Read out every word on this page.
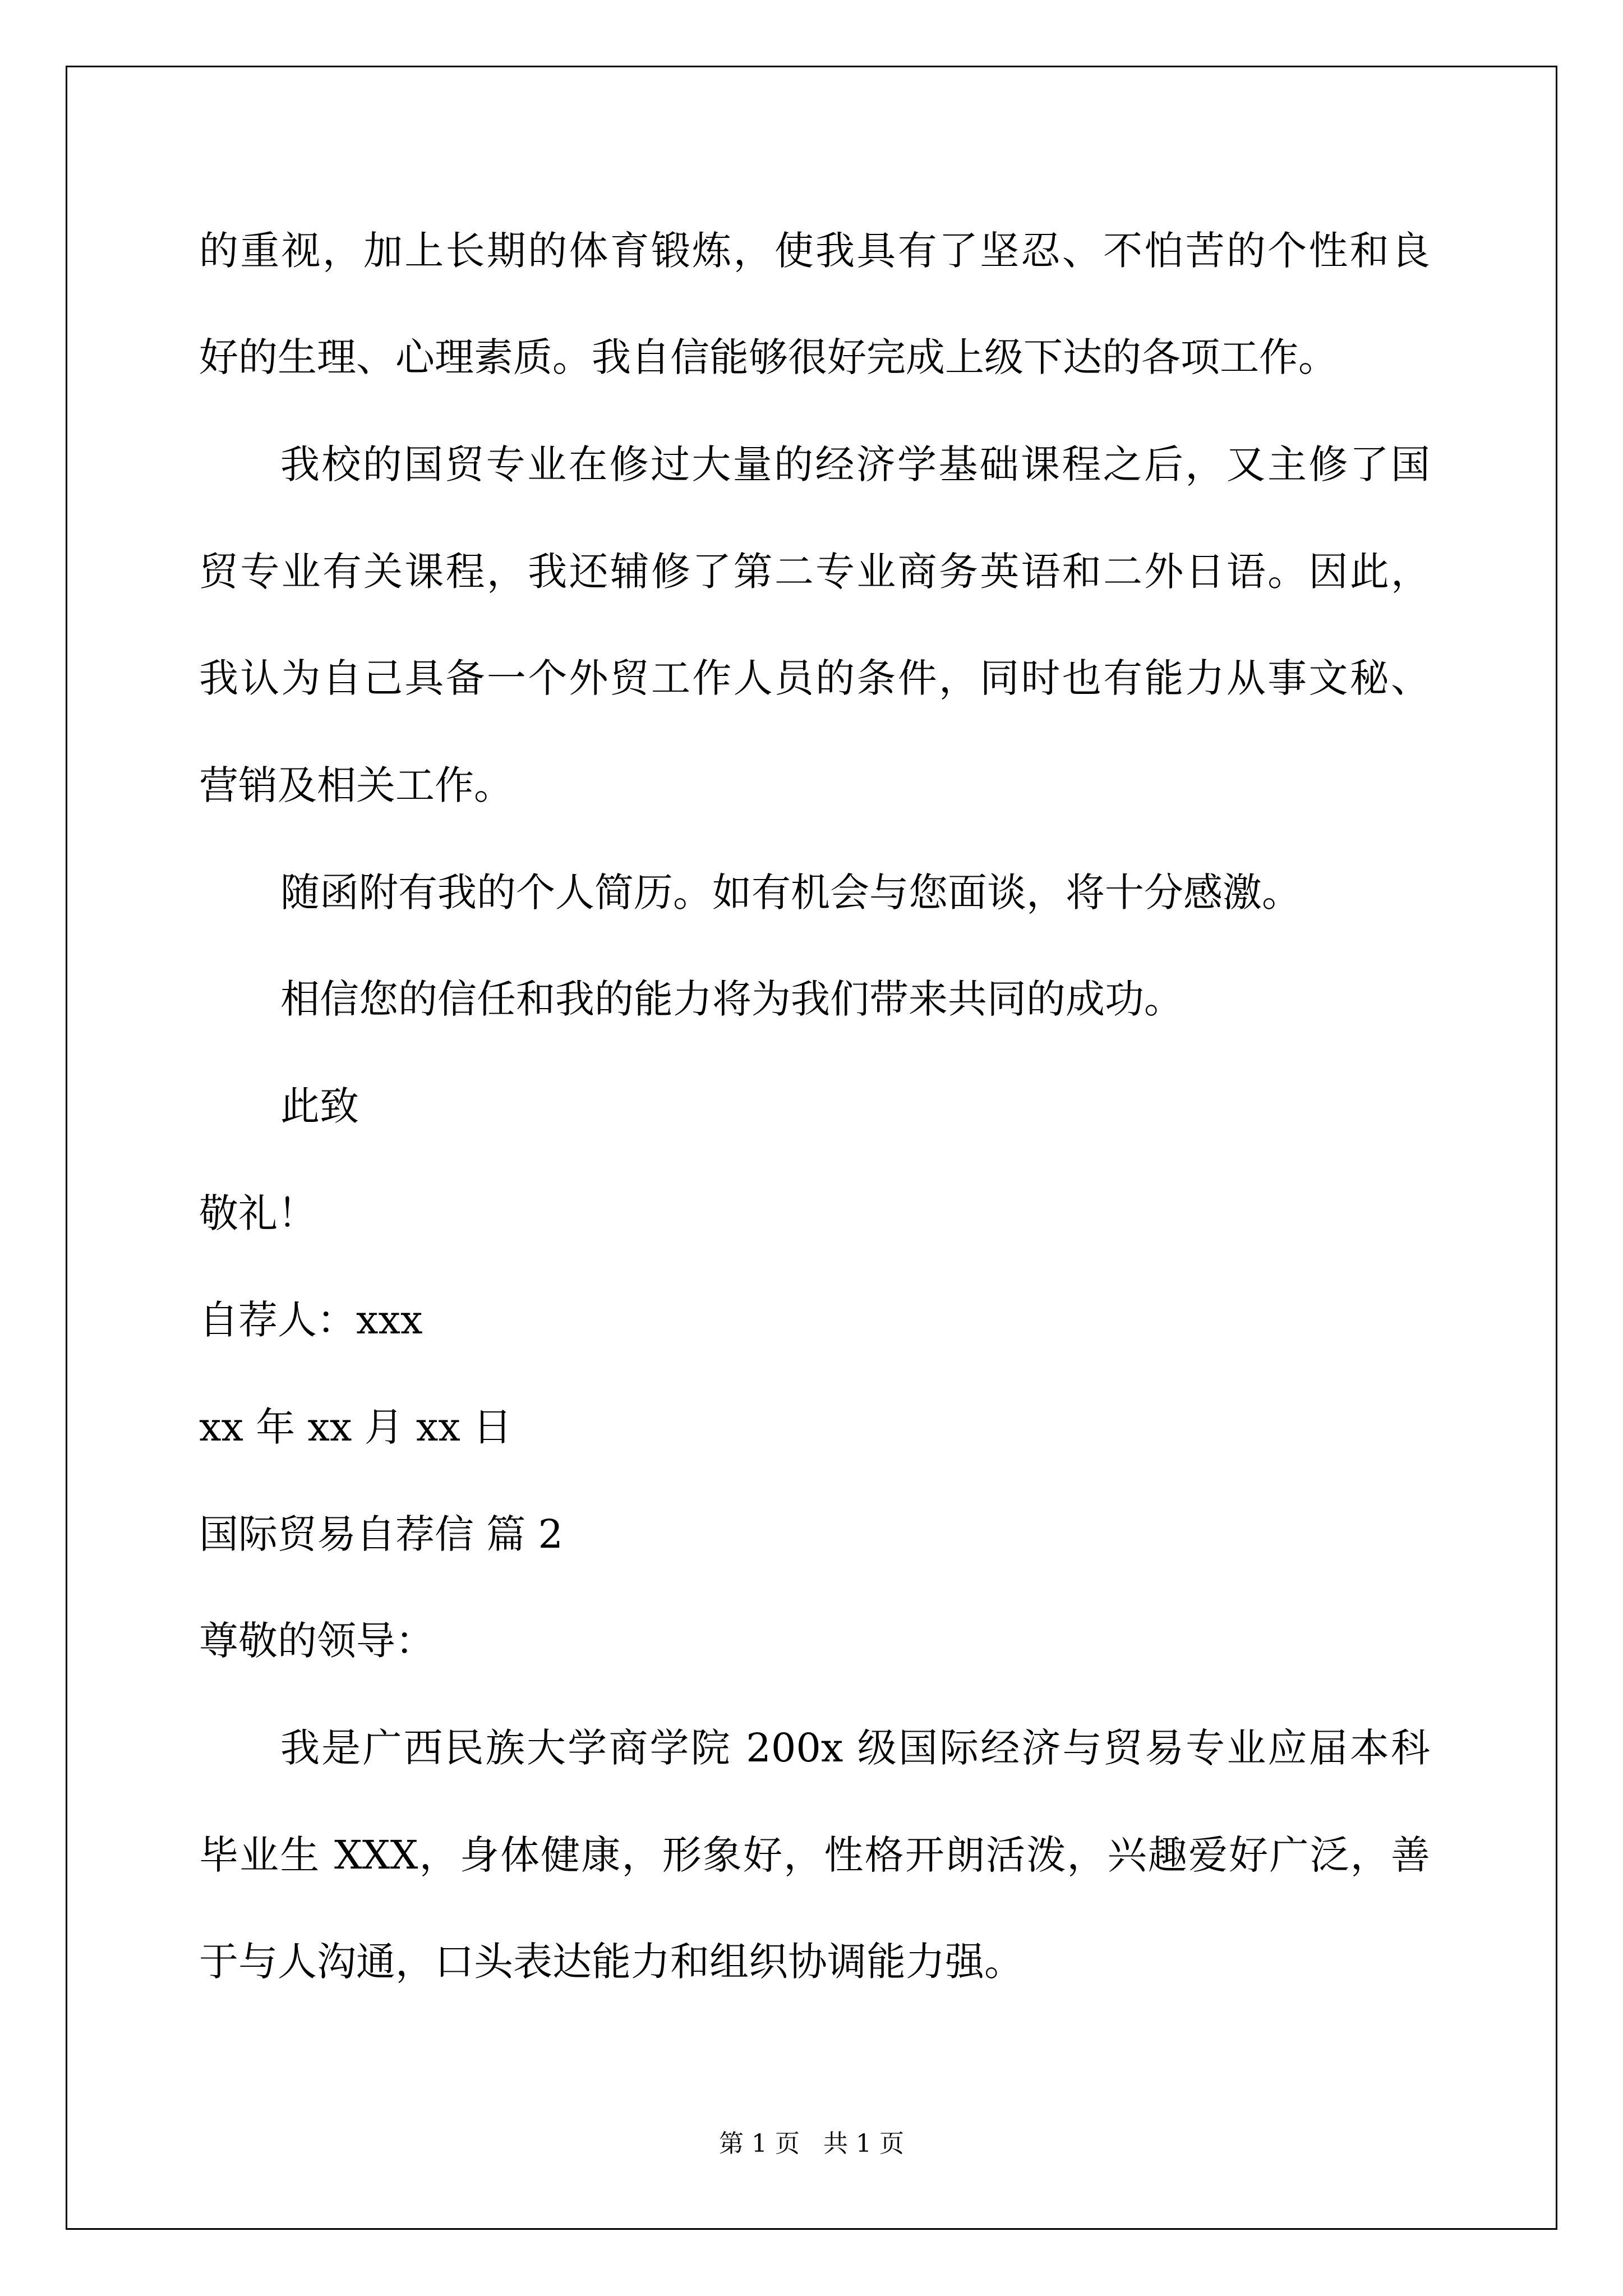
的重视，加上长期的体育锻炼，使我具有了坚忍、不怕苦的个性和良
好的生理、心理素质。我自信能够很好完成上级下达的各项工作。
我校的国贸专业在修过大量的经济学基础课程之后，又主修了国
贸专业有关课程，我还辅修了第二专业商务英语和二外日语。因此，
我认为自己具备一个外贸工作人员的条件，同时也有能力从事文秘、
营销及相关工作。
随函附有我的个人简历。如有机会与您面谈，将十分感激。
相信您的信任和我的能力将为我们带来共同的成功。
此致
敬礼！
自荐人：xxx
xx 年 xx 月 xx 日
国际贸易自荐信 篇 2
尊敬的领导：
我是广西民族大学商学院 200x 级国际经济与贸易专业应届本科
毕业生 XXX，身体健康，形象好，性格开朗活泼，兴趣爱好广泛，善
于与人沟通，口头表达能力和组织协调能力强。
第 1 页   共 1 页
